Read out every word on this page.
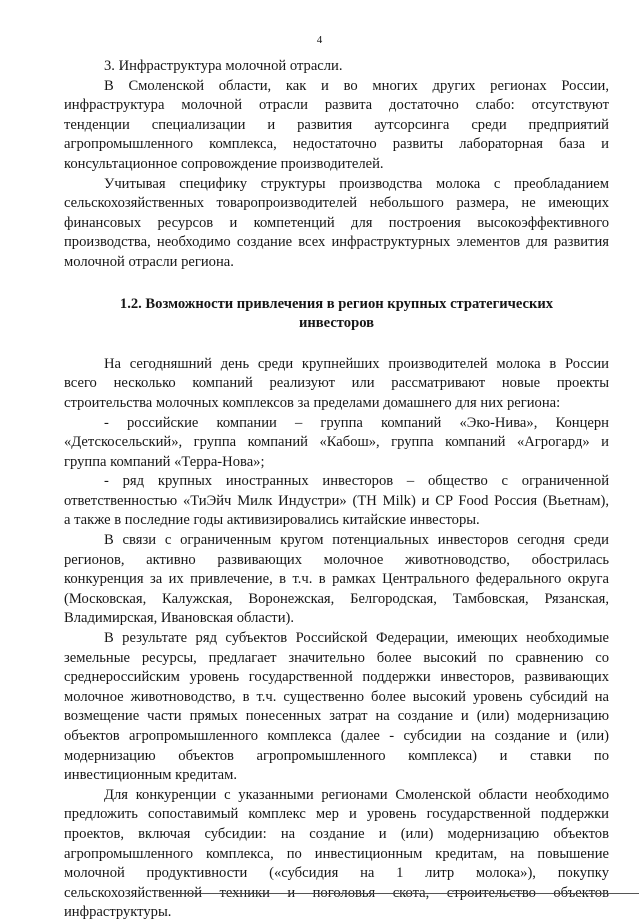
4
3. Инфраструктура молочной отрасли.
В Смоленской области, как и во многих других регионах России,
инфраструктура молочной отрасли развита достаточно слабо: отсутствуют
тенденции специализации и развития аутсорсинга среди предприятий
агропромышленного комплекса, недостаточно развиты лабораторная база и
консультационное сопровождение производителей.
Учитывая специфику структуры производства молока с преобладанием
сельскохозяйственных товаропроизводителей небольшого размера, не имеющих
финансовых ресурсов и компетенций для построения высокоэффективного
производства, необходимо создание всех инфраструктурных элементов для развития
молочной отрасли региона.
1.2. Возможности привлечения в регион крупных стратегических
инвесторов
На сегодняшний день среди крупнейших производителей молока в России
всего несколько компаний реализуют или рассматривают новые проекты
строительства молочных комплексов за пределами домашнего для них региона:
- российские компании – группа компаний «Эко-Нива», Концерн
«Детскосельский», группа компаний «Кабош», группа компаний «Агрогард» и
группа компаний «Терра-Нова»;
- ряд крупных иностранных инвесторов – общество с ограниченной
ответственностью «ТиЭйч Милк Индустри» (TH Milk) и CP Food Россия (Вьетнам),
а также в последние годы активизировались китайские инвесторы.
В связи с ограниченным кругом потенциальных инвесторов сегодня среди
регионов, активно развивающих молочное животноводство, обострилась
конкуренция за их привлечение, в т.ч. в рамках Центрального федерального округа
(Московская, Калужская, Воронежская, Белгородская, Тамбовская, Рязанская,
Владимирская, Ивановская области).
В результате ряд субъектов Российской Федерации, имеющих необходимые
земельные ресурсы, предлагает значительно более высокий по сравнению со
среднероссийским уровень государственной поддержки инвесторов, развивающих
молочное животноводство, в т.ч. существенно более высокий уровень субсидий на
возмещение части прямых понесенных затрат на создание и (или) модернизацию
объектов агропромышленного комплекса (далее - субсидии на создание и (или)
модернизацию объектов агропромышленного комплекса) и ставки по
инвестиционным кредитам.
Для конкуренции с указанными регионами Смоленской области необходимо
предложить сопоставимый комплекс мер и уровень государственной поддержки
проектов, включая субсидии: на создание и (или) модернизацию объектов
агропромышленного комплекса, по инвестиционным кредитам, на повышение
молочной продуктивности («субсидия на 1 литр молока»), покупку
сельскохозяйственной техники и поголовья скота, строительство объектов
инфраструктуры.
